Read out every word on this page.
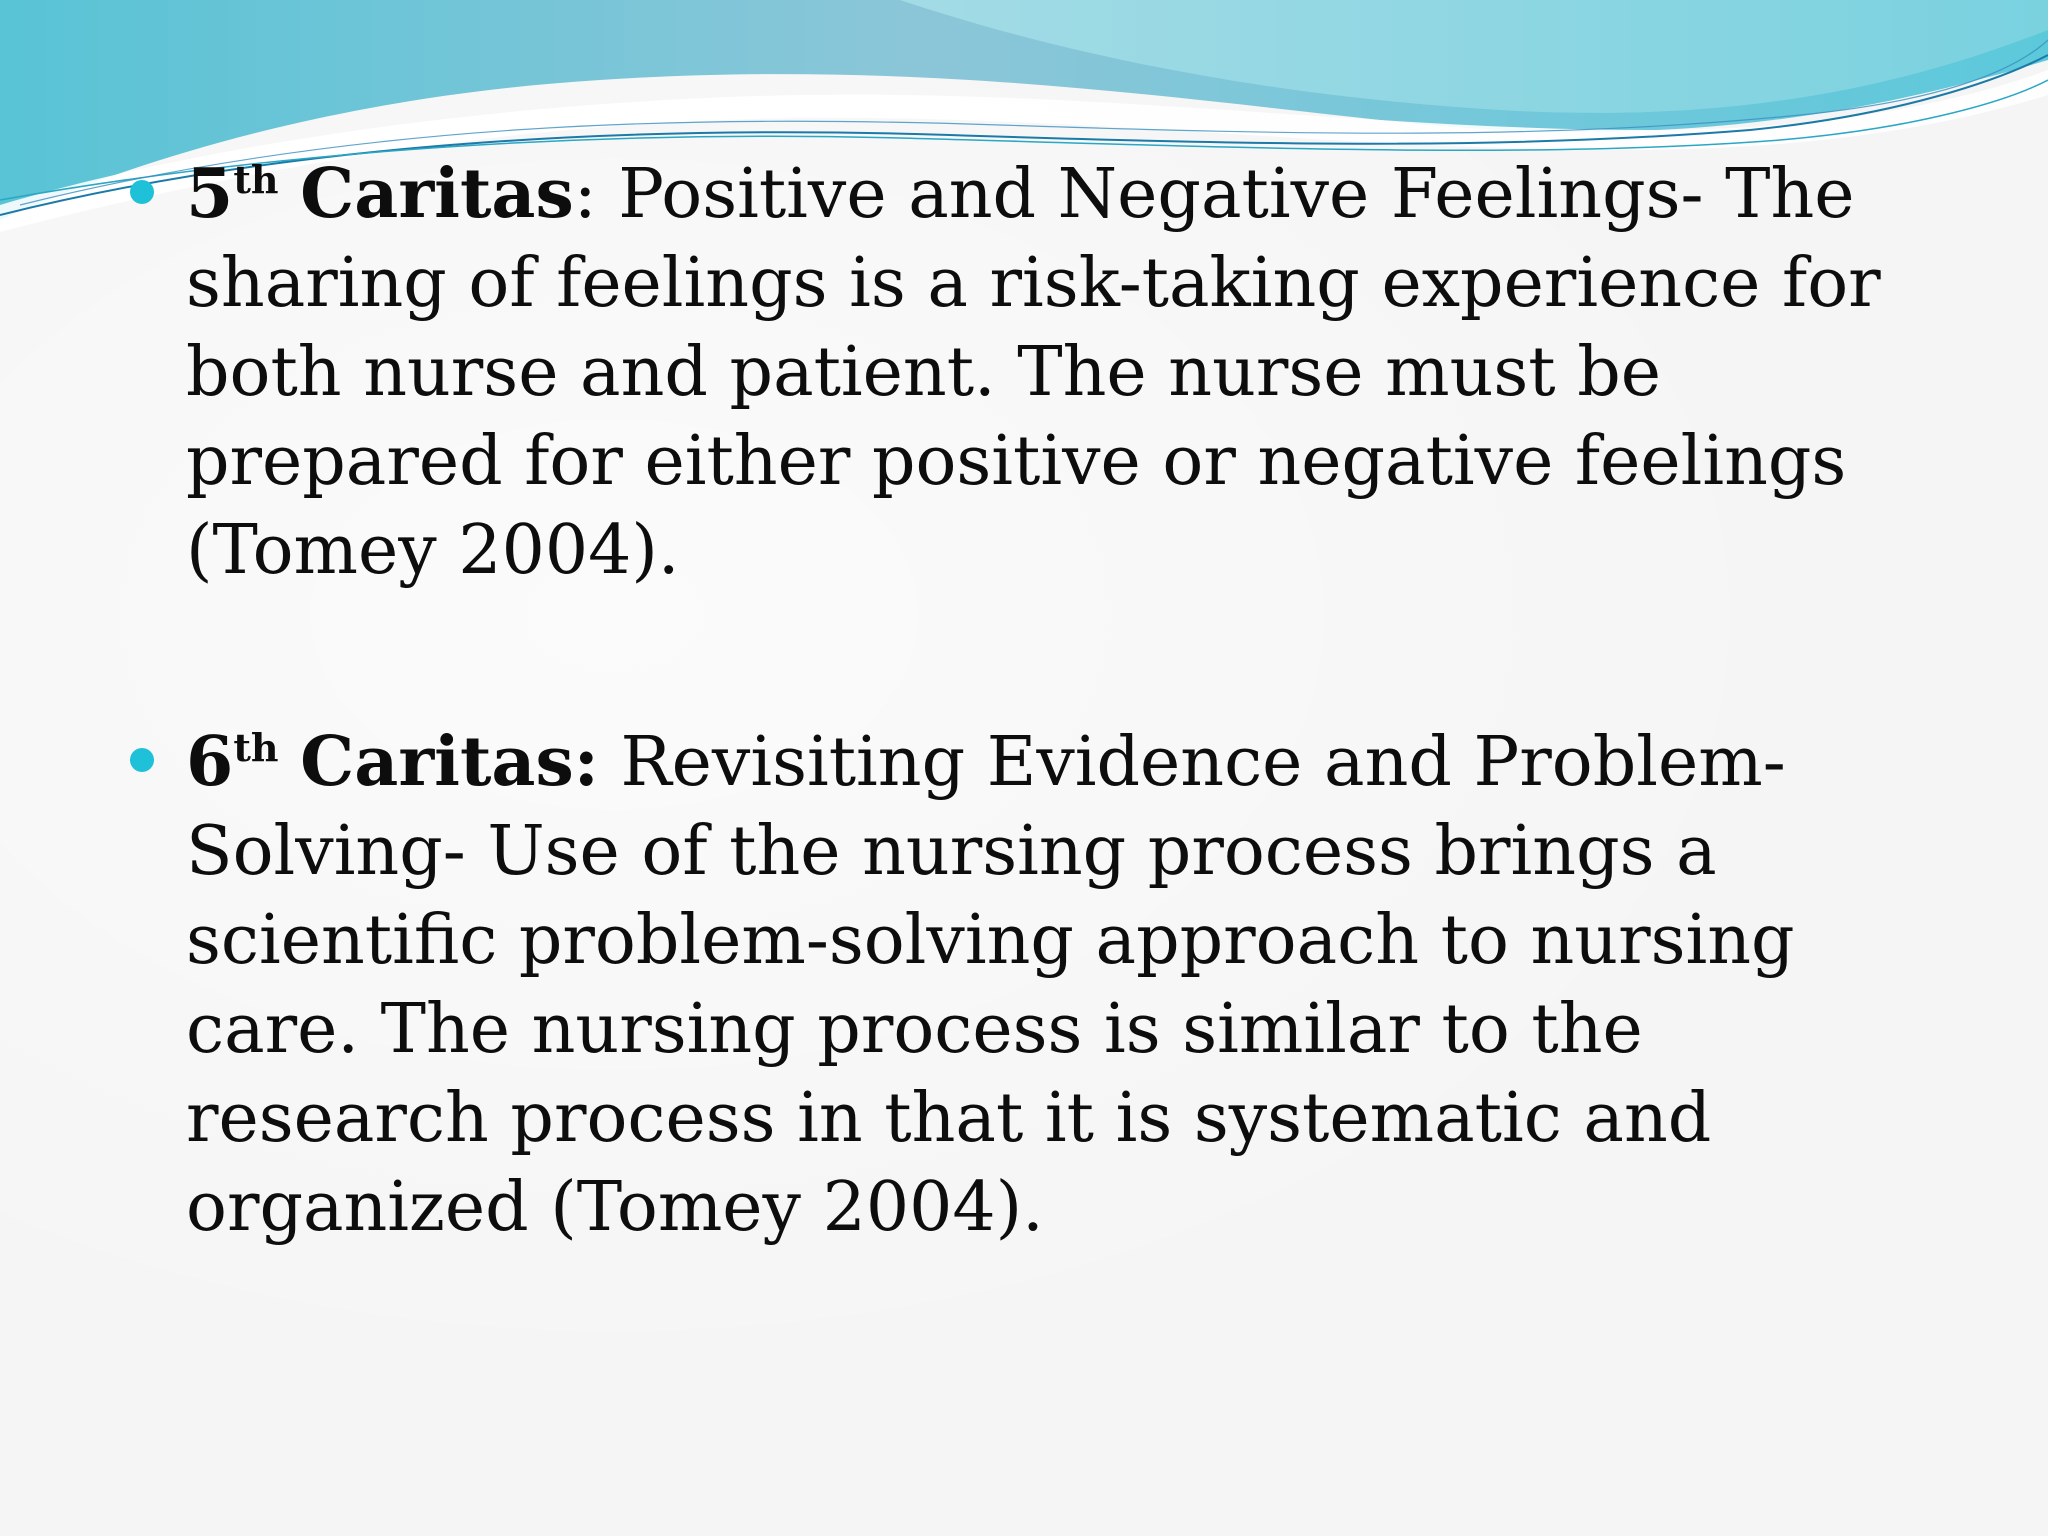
5th Caritas: Positive and Negative Feelings- The sharing of feelings is a risk-taking experience for both nurse and patient. The nurse must be prepared for either positive or negative feelings (Tomey 2004).

6th Caritas: Revisiting Evidence and Problem-Solving- Use of the nursing process brings a scientific problem-solving approach to nursing care. The nursing process is similar to the research process in that it is systematic and organized (Tomey 2004).
